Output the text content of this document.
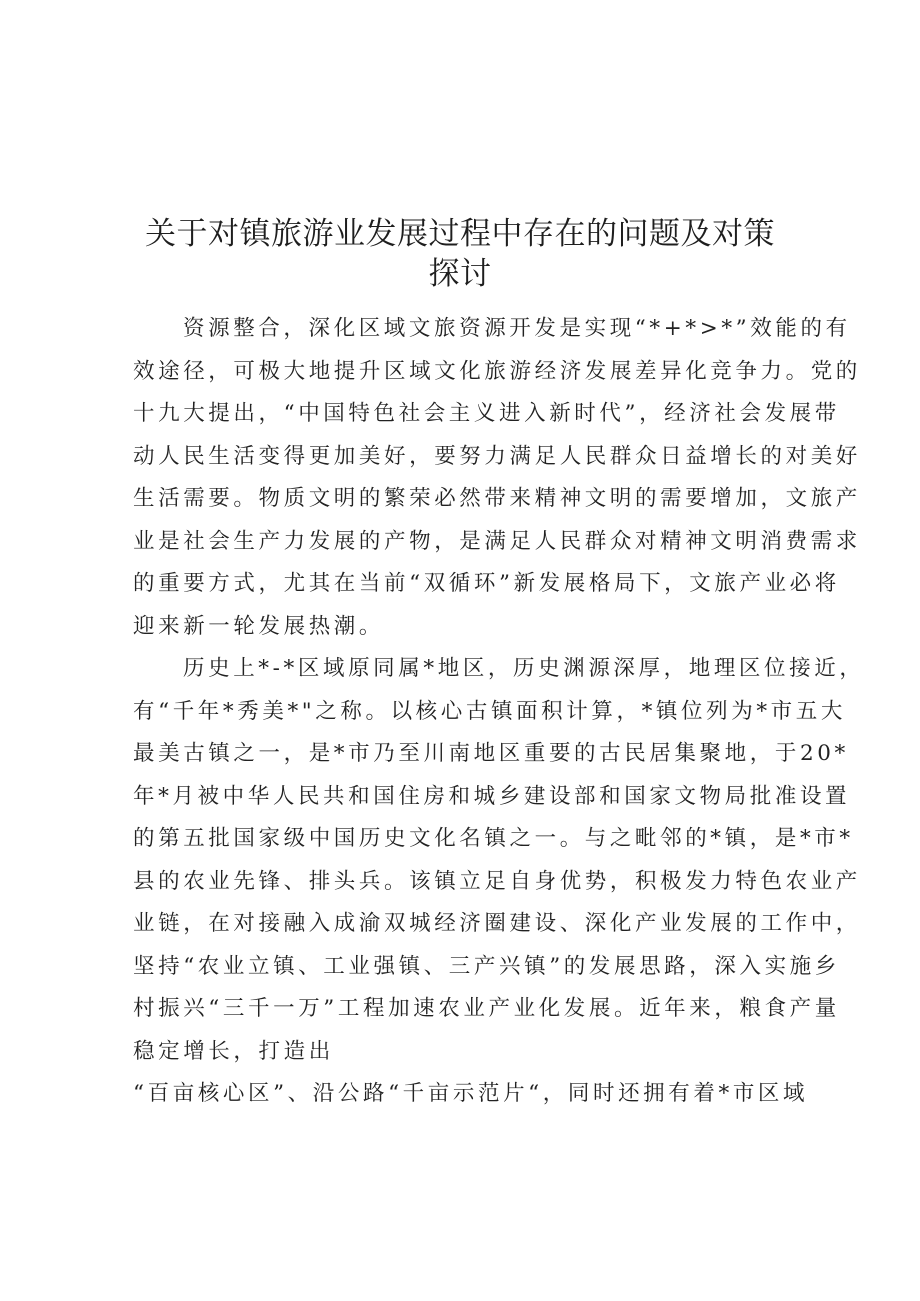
关于对镇旅游业发展过程中存在的问题及对策
探讨

资源整合，深化区域文旅资源开发是实现“*+*>*”效能的有
效途径，可极大地提升区域文化旅游经济发展差异化竞争力。党的
十九大提出，“中国特色社会主义进入新时代”，经济社会发展带
动人民生活变得更加美好，要努力满足人民群众日益增长的对美好
生活需要。物质文明的繁荣必然带来精神文明的需要增加，文旅产
业是社会生产力发展的产物，是满足人民群众对精神文明消费需求
的重要方式，尤其在当前“双循环”新发展格局下，文旅产业必将
迎来新一轮发展热潮。

历史上*-*区域原同属*地区，历史渊源深厚，地理区位接近，
有“千年*秀美*"之称。以核心古镇面积计算，*镇位列为*市五大
最美古镇之一，是*市乃至川南地区重要的古民居集聚地，于20*
年*月被中华人民共和国住房和城乡建设部和国家文物局批准设置
的第五批国家级中国历史文化名镇之一。与之毗邻的*镇，是*市*
县的农业先锋、排头兵。该镇立足自身优势，积极发力特色农业产
业链，在对接融入成渝双城经济圈建设、深化产业发展的工作中，
坚持“农业立镇、工业强镇、三产兴镇”的发展思路，深入实施乡
村振兴“三千一万”工程加速农业产业化发展。近年来，粮食产量
稳定增长，打造出
“百亩核心区”、沿公路“千亩示范片“，同时还拥有着*市区域
